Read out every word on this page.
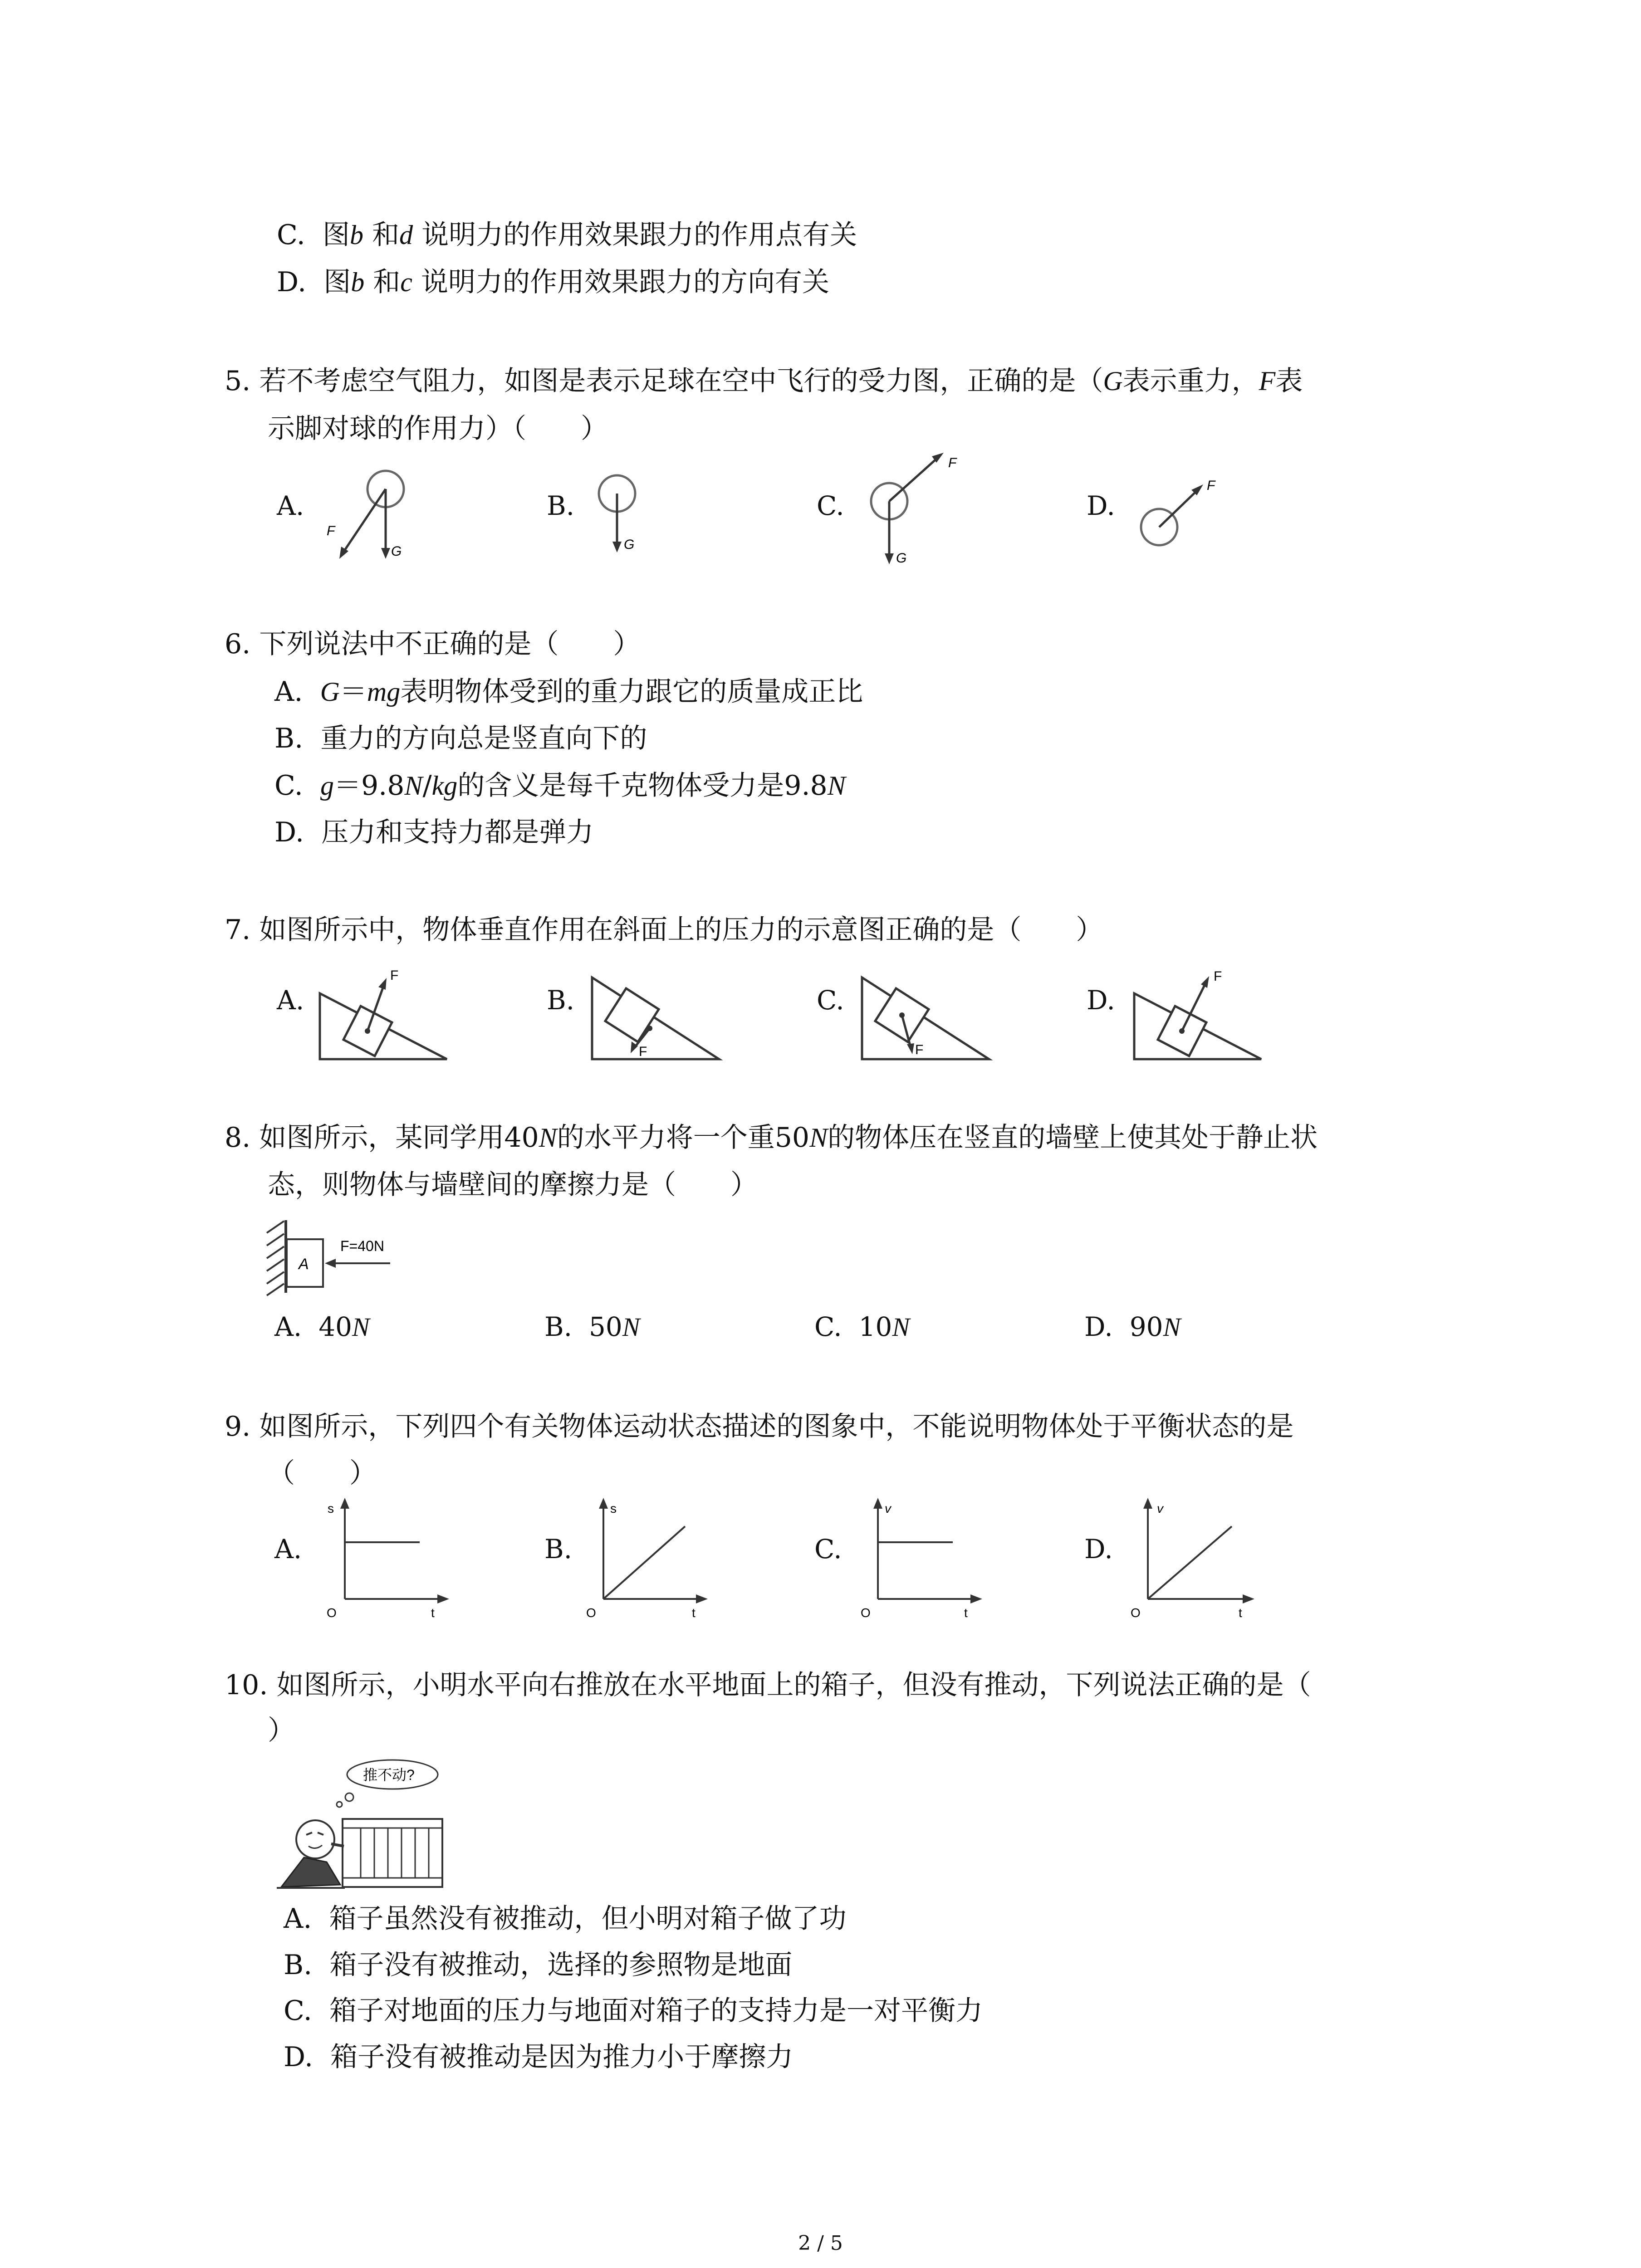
C. 图b 和d 说明力的作用效果跟力的作用点有关
D. 图b 和c 说明力的作用效果跟力的方向有关
5. 若不考虑空气阻力，如图是表示足球在空中飞行的受力图，正确的是（G表示重力，F表
示脚对球的作用力）（　　）
A.	B.	C.	D.
F
G	G
F
G
F
6. 下列说法中不正确的是（　　）
A. G＝mg表明物体受到的重力跟它的质量成正比
B. 重力的方向总是竖直向下的
C. g＝9.8N/kg的含义是每千克物体受力是9.8N
D. 压力和支持力都是弹力
7. 如图所示中，物体垂直作用在斜面上的压力的示意图正确的是（　　）
A.	B.	C.	D.
F
F	F
F
8. 如图所示，某同学用40N的水平力将一个重50N的物体压在竖直的墙壁上使其处于静止状
态，则物体与墙壁间的摩擦力是（　　）
A
F=40N
A. 40N	B. 50N	C. 10N	D. 90N
9. 如图所示，下列四个有关物体运动状态描述的图象中，不能说明物体处于平衡状态的是
（　　）
A.	B.	C.	D.
s
t
O
s
t
O
v
t
O
v
t
O
10. 如图所示，小明水平向右推放在水平地面上的箱子，但没有推动，下列说法正确的是（
）
推不动?
A. 箱子虽然没有被推动，但小明对箱子做了功
B. 箱子没有被推动，选择的参照物是地面
C. 箱子对地面的压力与地面对箱子的支持力是一对平衡力
D. 箱子没有被推动是因为推力小于摩擦力
2 / 5
